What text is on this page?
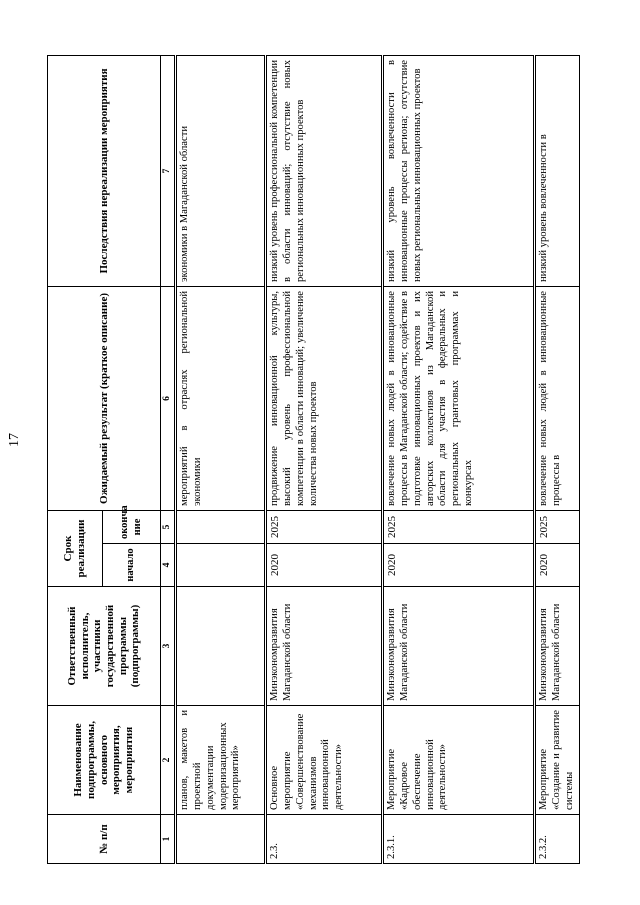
17
№ п/п	Наименование подпрограммы, основного мероприятия, мероприятия	Ответственный исполнитель, участники государственной программы (подпрограммы)	Срок реализации		Ожидаемый результат (краткое описание)	Последствия нереализации мероприятия
			начало	оконча ние		
1	2	3	4	5	6	7
	планов, макетов и проектной документации модернизационных мероприятий»				мероприятий в отраслях региональной экономики	экономики в Магаданской области
2.3.	Основное мероприятие «Совершенствование механизмов инновационной деятельности»	Минэкономразвития Магаданской области	2020	2025	продвижение инновационной культуры, высокий уровень профессиональной компетенции в области инноваций; увеличение количества новых проектов	низкий уровень профессиональной компетенции в области инноваций; отсутствие новых региональных инновационных проектов
2.3.1.	Мероприятие «Кадровое обеспечение инновационной деятельности»	Минэкономразвития Магаданской области	2020	2025	вовлечение новых людей в инновационные процессы в Магаданской области; содействие в подготовке инновационных проектов и их авторских коллективов из Магаданской области для участия в федеральных и региональных грантовых программах и конкурсах	низкий уровень вовлеченности в инновационные процессы региона; отсутствие новых региональных инновационных проектов
2.3.2.	Мероприятие «Создание и развитие системы	Минэкономразвития Магаданской области	2020	2025	вовлечение новых людей в инновационные процессы в	низкий уровень вовлеченности в
